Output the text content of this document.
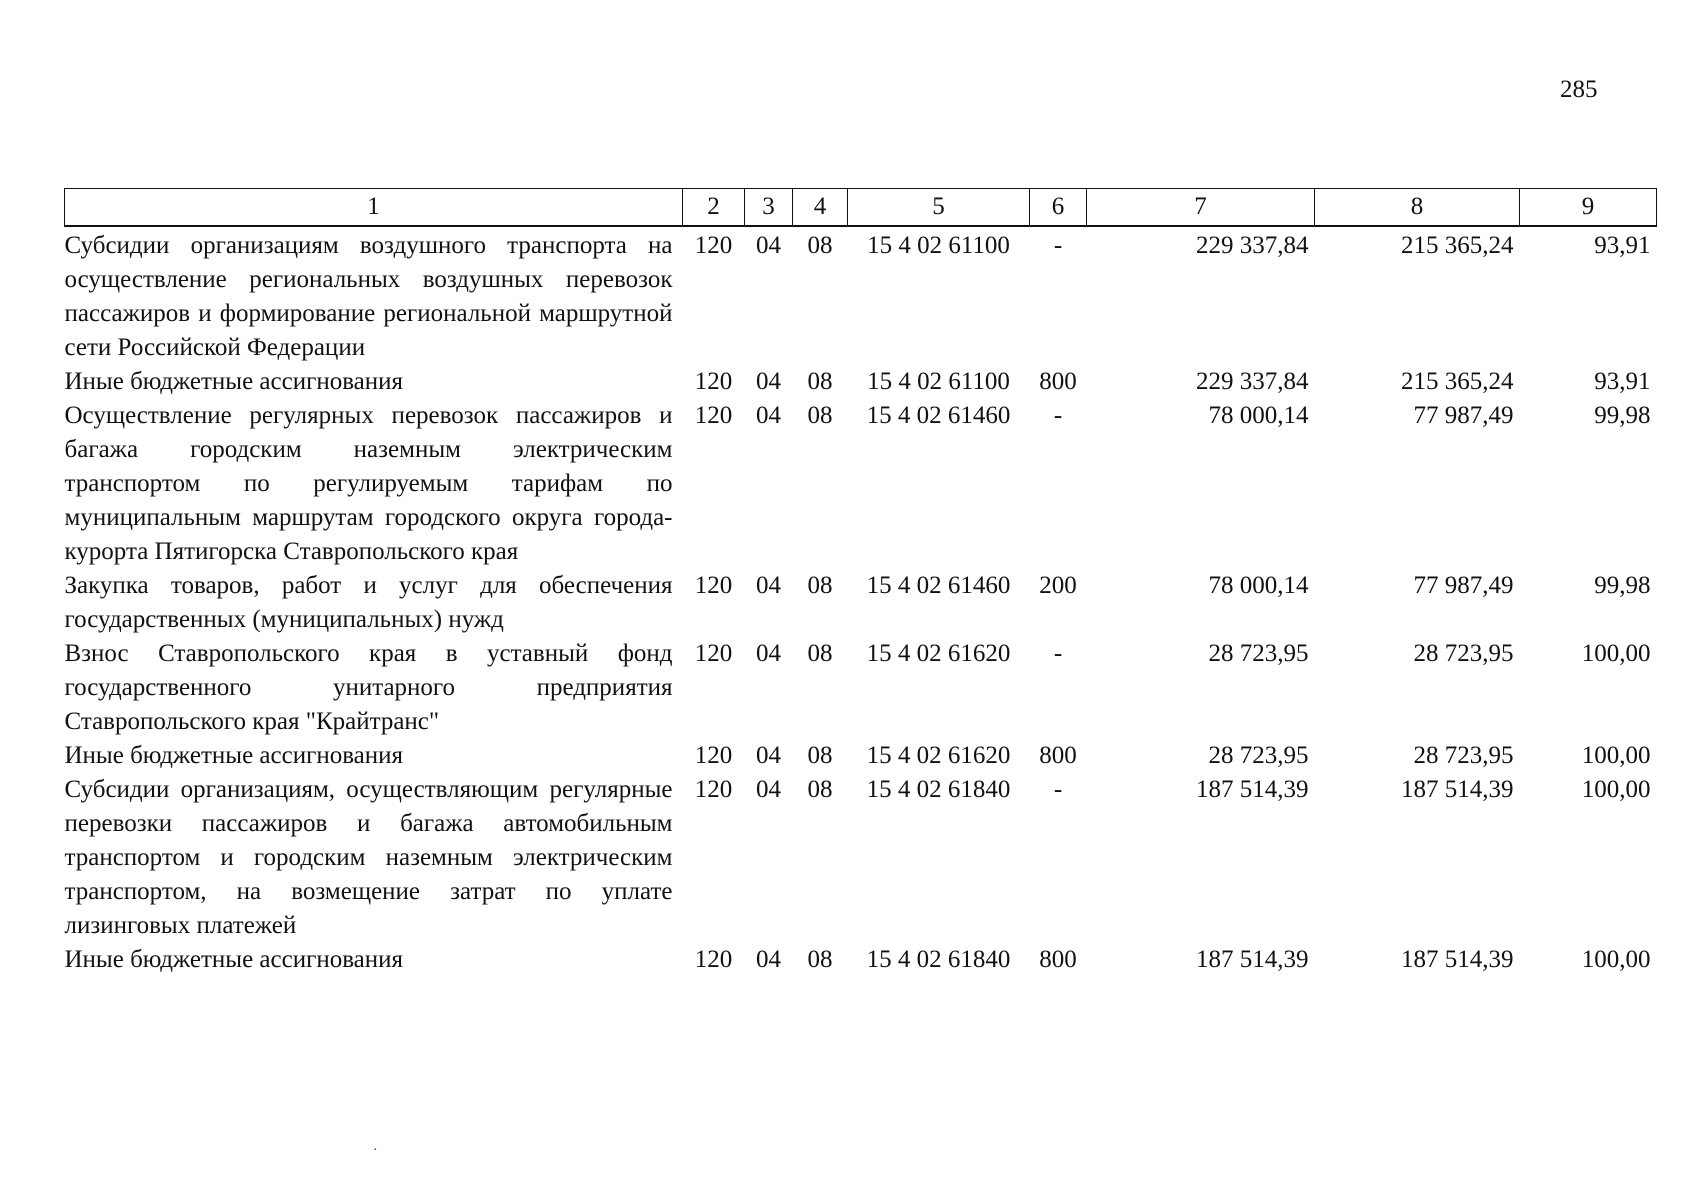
285
1	2	3	4	5	6	7	8	9
Субсидии организациям воздушного транспорта на осуществление региональных воздушных перевозок пассажиров и формирование региональной маршрутной сети Российской Федерации	120	04	08	15 4 02 61100	-	229 337,84	215 365,24	93,91
Иные бюджетные ассигнования	120	04	08	15 4 02 61100	800	229 337,84	215 365,24	93,91
Осуществление регулярных перевозок пассажиров и багажа городским наземным электрическим транспортом по регулируемым тарифам по муниципальным маршрутам городского округа города-курорта Пятигорска Ставропольского края	120	04	08	15 4 02 61460	-	78 000,14	77 987,49	99,98
Закупка товаров, работ и услуг для обеспечения государственных (муниципальных) нужд	120	04	08	15 4 02 61460	200	78 000,14	77 987,49	99,98
Взнос Ставропольского края в уставный фонд государственного унитарного предприятия Ставропольского края "Крайтранс"	120	04	08	15 4 02 61620	-	28 723,95	28 723,95	100,00
Иные бюджетные ассигнования	120	04	08	15 4 02 61620	800	28 723,95	28 723,95	100,00
Субсидии организациям, осуществляющим регулярные перевозки пассажиров и багажа автомобильным транспортом и городским наземным электрическим транспортом, на возмещение затрат по уплате лизинговых платежей	120	04	08	15 4 02 61840	-	187 514,39	187 514,39	100,00
Иные бюджетные ассигнования	120	04	08	15 4 02 61840	800	187 514,39	187 514,39	100,00
·
